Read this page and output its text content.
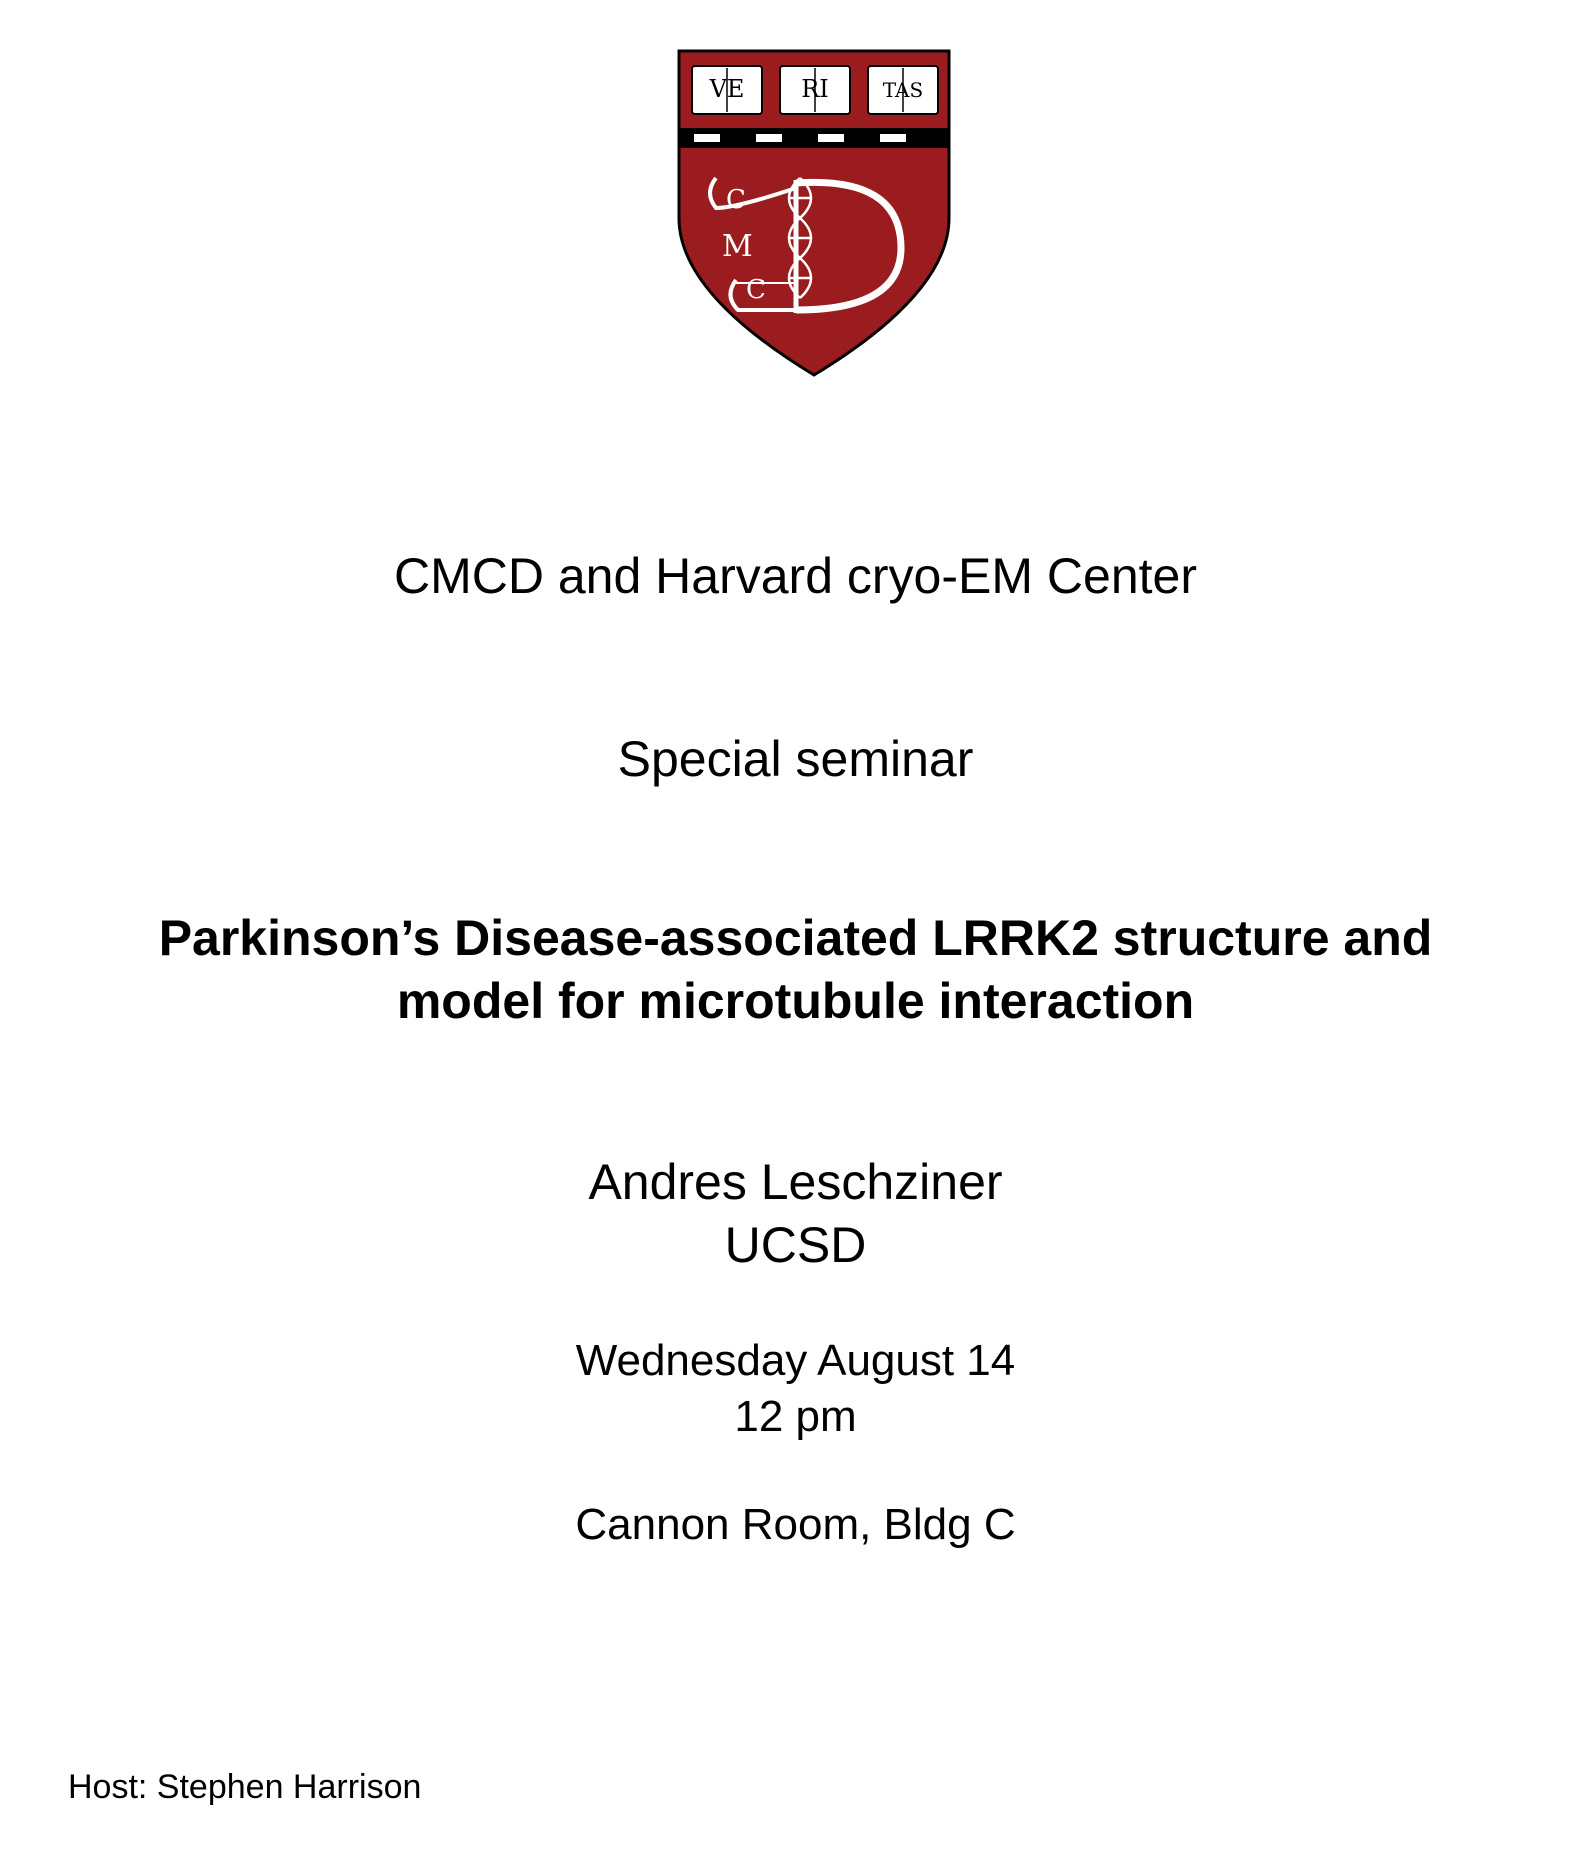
VE RI	TAS
C
M
C
CMCD and Harvard cryo-EM Center
Special seminar
Parkinson’s Disease-associated LRRK2 structure and
model for microtubule interaction
Andres Leschziner
UCSD
Wednesday August 14
12 pm
Cannon Room, Bldg C
Host: Stephen Harrison
